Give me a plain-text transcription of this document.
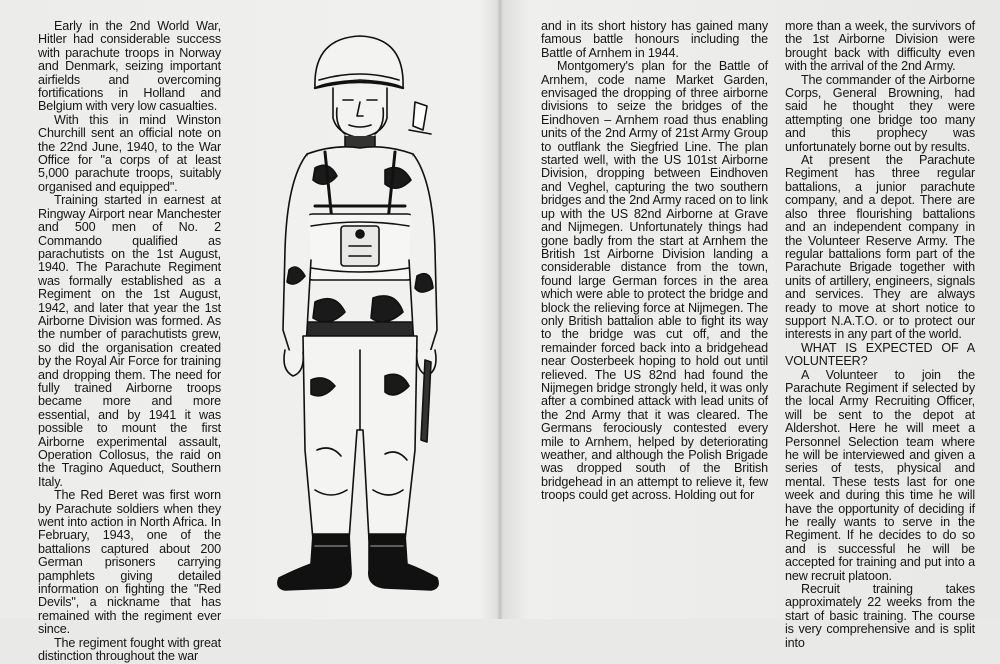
Early in the 2nd World War, Hitler had considerable success with parachute troops in Norway and Denmark, seizing important airfields and overcoming fortifications in Holland and Belgium with very low casualties.

With this in mind Winston Churchill sent an official note on the 22nd June, 1940, to the War Office for "a corps of at least 5,000 parachute troops, suitably organised and equipped".

Training started in earnest at Ringway Airport near Manchester and 500 men of No. 2 Commando qualified as parachutists on the 1st August, 1940. The Parachute Regiment was formally established as a Regiment on the 1st August, 1942, and later that year the 1st Airborne Division was formed. As the number of parachutists grew, so did the organisation created by the Royal Air Force for training and dropping them. The need for fully trained Airborne troops became more and more essential, and by 1941 it was possible to mount the first Airborne experimental assault, Operation Collosus, the raid on the Tragino Aqueduct, Southern Italy.

The Red Beret was first worn by Parachute soldiers when they went into action in North Africa. In February, 1943, one of the battalions captured about 200 German prisoners carrying pamphlets giving detailed information on fighting the "Red Devils", a nickname that has remained with the regiment ever since.

The regiment fought with great distinction throughout the war

and in its short history has gained many famous battle honours including the Battle of Arnhem in 1944.

Montgomery's plan for the Battle of Arnhem, code name Market Garden, envisaged the dropping of three airborne divisions to seize the bridges of the Eindhoven – Arnhem road thus enabling units of the 2nd Army of 21st Army Group to outflank the Siegfried Line. The plan started well, with the US 101st Airborne Division, dropping between Eindhoven and Veghel, capturing the two southern bridges and the 2nd Army raced on to link up with the US 82nd Airborne at Grave and Nijmegen. Unfortunately things had gone badly from the start at Arnhem the British 1st Airborne Division landing a considerable distance from the town, found large German forces in the area which were able to protect the bridge and block the relieving force at Nijmegen. The only British battalion able to fight its way to the bridge was cut off, and the remainder forced back into a bridgehead near Oosterbeek hoping to hold out until relieved. The US 82nd had found the Nijmegen bridge strongly held, it was only after a combined attack with lead units of the 2nd Army that it was cleared. The Germans ferociously contested every mile to Arnhem, helped by deteriorating weather, and although the Polish Brigade was dropped south of the British bridgehead in an attempt to relieve it, few troops could get across. Holding out for

more than a week, the survivors of the 1st Airborne Division were brought back with difficulty even with the arrival of the 2nd Army.

The commander of the Airborne Corps, General Browning, had said he thought they were attempting one bridge too many and this prophecy was unfortunately borne out by results.

At present the Parachute Regiment has three regular battalions, a junior parachute company, and a depot. There are also three flourishing battalions and an independent company in the Volunteer Reserve Army. The regular battalions form part of the Parachute Brigade together with units of artillery, engineers, signals and services. They are always ready to move at short notice to support N.A.T.O. or to protect our interests in any part of the world.

WHAT IS EXPECTED OF A VOLUNTEER?

A Volunteer to join the Parachute Regiment if selected by the local Army Recruiting Officer, will be sent to the depot at Aldershot. Here he will meet a Personnel Selection team where he will be interviewed and given a series of tests, physical and mental. These tests last for one week and during this time he will have the opportunity of deciding if he really wants to serve in the Regiment. If he decides to do so and is successful he will be accepted for training and put into a new recruit platoon.

Recruit training takes approximately 22 weeks from the start of basic training. The course is very comprehensive and is split into
